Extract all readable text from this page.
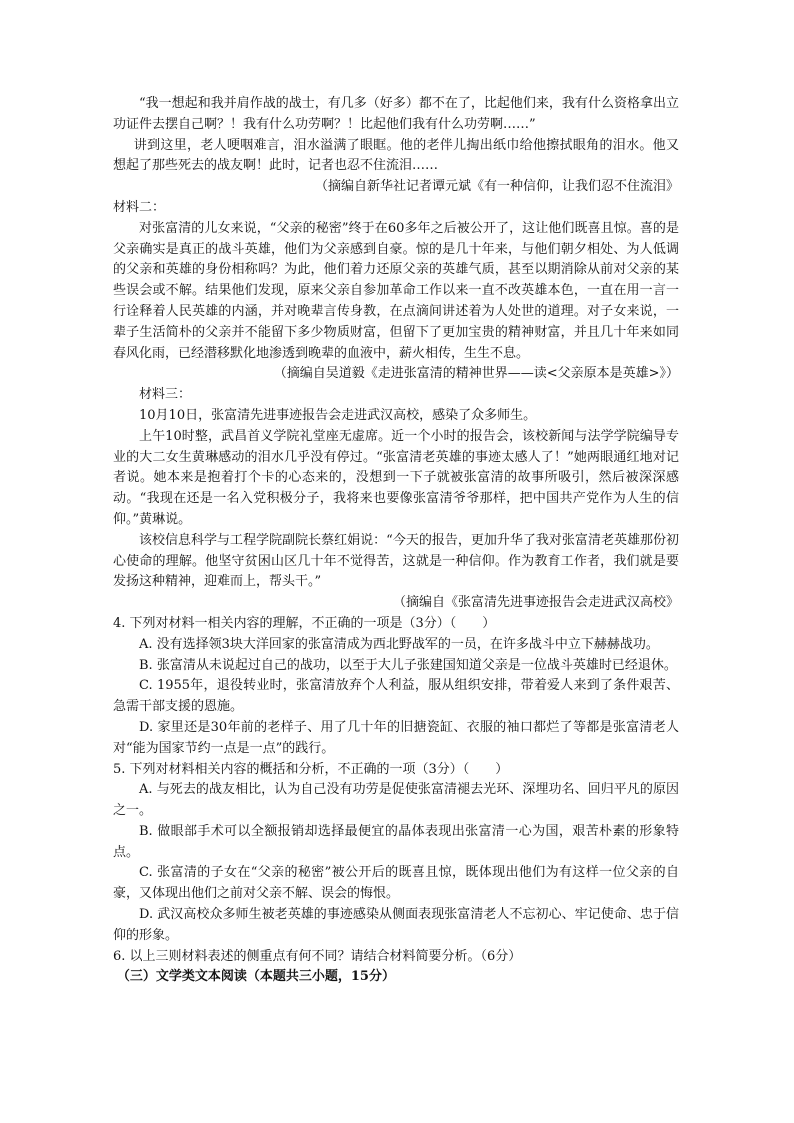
“我一想起和我并肩作战的战士，有几多（好多）都不在了，比起他们来，我有什么资格拿出立功证件去摆自己啊？！我有什么功劳啊？！比起他们我有什么功劳啊……”

讲到这里，老人哽咽难言，泪水溢满了眼眶。他的老伴儿掏出纸巾给他擦拭眼角的泪水。他又想起了那些死去的战友啊！此时，记者也忍不住流泪……

（摘编自新华社记者谭元斌《有一种信仰，让我们忍不住流泪》

材料二：

对张富清的儿女来说，“父亲的秘密”终于在60多年之后被公开了，这让他们既喜且惊。喜的是父亲确实是真正的战斗英雄，他们为父亲感到自豪。惊的是几十年来，与他们朝夕相处、为人低调的父亲和英雄的身份相称吗？为此，他们着力还原父亲的英雄气质，甚至以期消除从前对父亲的某些误会或不解。结果他们发现，原来父亲自参加革命工作以来一直不改英雄本色，一直在用一言一行诠释着人民英雄的内涵，并对晚辈言传身教，在点滴间讲述着为人处世的道理。对子女来说，一辈子生活简朴的父亲并不能留下多少物质财富，但留下了更加宝贵的精神财富，并且几十年来如同春风化雨，已经潜移默化地渗透到晚辈的血液中，薪火相传，生生不息。

（摘编自吴道毅《走进张富清的精神世界——读<父亲原本是英雄>》）

材料三：

10月10日，张富清先进事迹报告会走进武汉高校，感染了众多师生。

上午10时整，武昌首义学院礼堂座无虚席。近一个小时的报告会，该校新闻与法学学院编导专业的大二女生黄琳感动的泪水几乎没有停过。“张富清老英雄的事迹太感人了！”她两眼通红地对记者说。她本来是抱着打个卡的心态来的，没想到一下子就被张富清的故事所吸引，然后被深深感动。“我现在还是一名入党积极分子，我将来也要像张富清爷爷那样，把中国共产党作为人生的信仰。”黄琳说。

该校信息科学与工程学院副院长蔡红娟说：“今天的报告，更加升华了我对张富清老英雄那份初心使命的理解。他坚守贫困山区几十年不觉得苦，这就是一种信仰。作为教育工作者，我们就是要发扬这种精神，迎难而上，帮头干。”

（摘编自《张富清先进事迹报告会走进武汉高校》

4. 下列对材料一相关内容的理解，不正确的一项是（3分）（　　）

A. 没有选择领3块大洋回家的张富清成为西北野战军的一员，在许多战斗中立下赫赫战功。

B. 张富清从未说起过自己的战功，以至于大儿子张建国知道父亲是一位战斗英雄时已经退休。

C. 1955年，退役转业时，张富清放弃个人利益，服从组织安排，带着爱人来到了条件艰苦、急需干部支援的恩施。

D. 家里还是30年前的老样子、用了几十年的旧搪瓷缸、衣服的袖口都烂了等都是张富清老人对“能为国家节约一点是一点”的践行。

5. 下列对材料相关内容的概括和分析，不正确的一项（3分）（　　）

A. 与死去的战友相比，认为自己没有功劳是促使张富清褪去光环、深埋功名、回归平凡的原因之一。

B. 做眼部手术可以全额报销却选择最便宜的晶体表现出张富清一心为国，艰苦朴素的形象特点。

C. 张富清的子女在“父亲的秘密”被公开后的既喜且惊，既体现出他们为有这样一位父亲的自豪，又体现出他们之前对父亲不解、误会的悔恨。

D. 武汉高校众多师生被老英雄的事迹感染从侧面表现张富清老人不忘初心、牢记使命、忠于信仰的形象。

6. 以上三则材料表述的侧重点有何不同？请结合材料简要分析。（6分）

（三）文学类文本阅读（本题共三小题，15分）
